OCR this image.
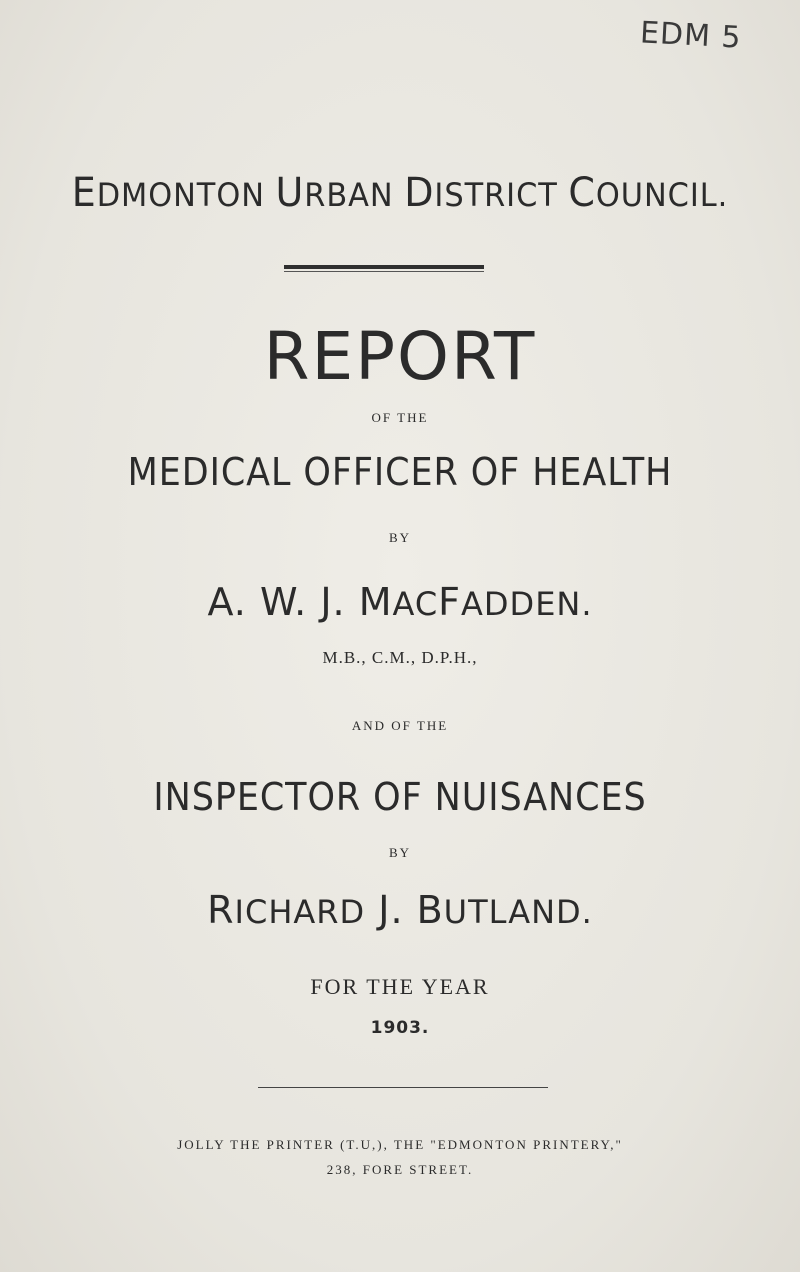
EDM 5
EDMONTON URBAN DISTRICT COUNCIL.
REPORT
OF THE
MEDICAL OFFICER OF HEALTH
BY
A. W. J. MACFADDEN.
M.B., C.M., D.P.H.,
AND OF THE
INSPECTOR OF NUISANCES
BY
RICHARD J. BUTLAND.
FOR THE YEAR
1903.
JOLLY THE PRINTER (T.U,), THE "EDMONTON PRINTERY,"
238, FORE STREET.
